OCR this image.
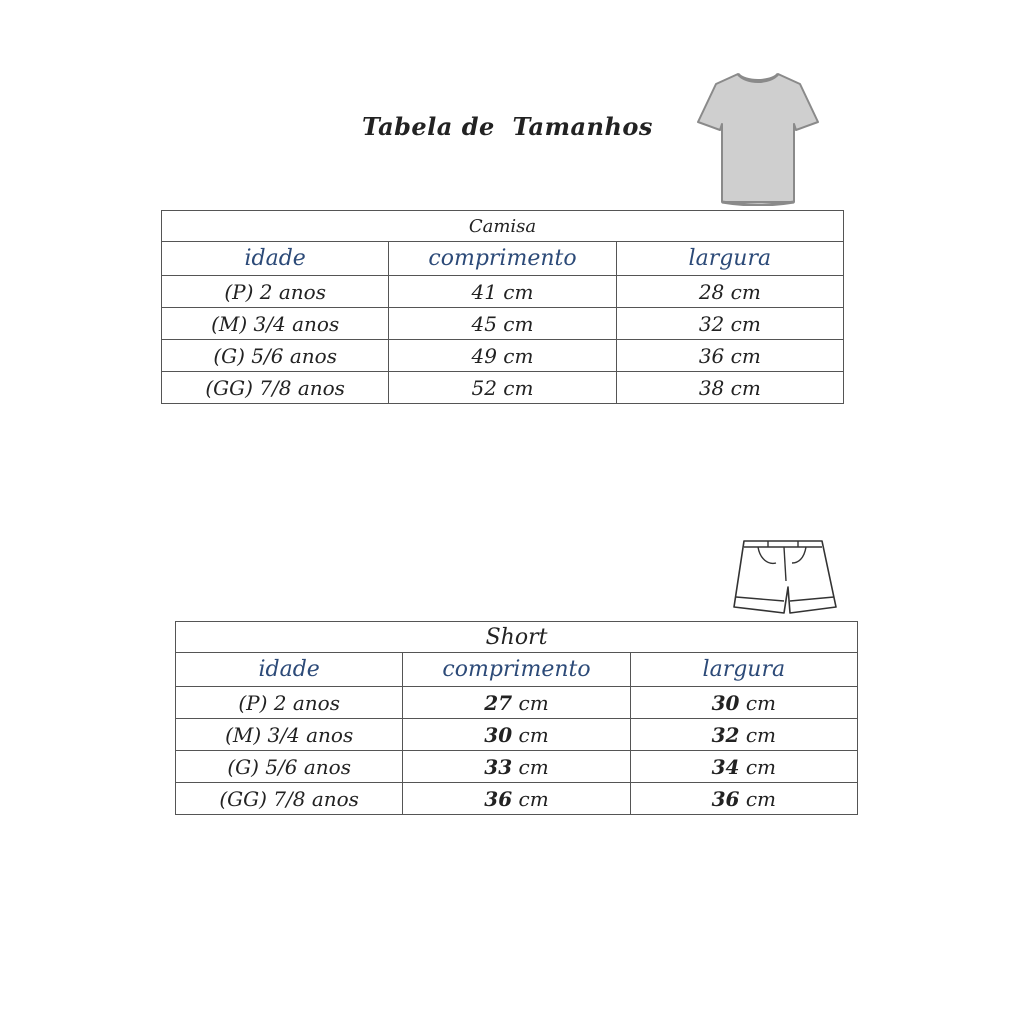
Tabela de  Tamanhos
Camisa		
idade	comprimento	largura
(P) 2 anos	41 cm	28 cm
(M) 3/4 anos	45 cm	32 cm
(G) 5/6 anos	49 cm	36 cm
(GG) 7/8 anos	52 cm	38 cm
Short		
idade	comprimento	largura
(P) 2 anos	27 cm	30 cm
(M) 3/4 anos	30 cm	32 cm
(G) 5/6 anos	33 cm	34 cm
(GG) 7/8 anos	36 cm	36 cm
